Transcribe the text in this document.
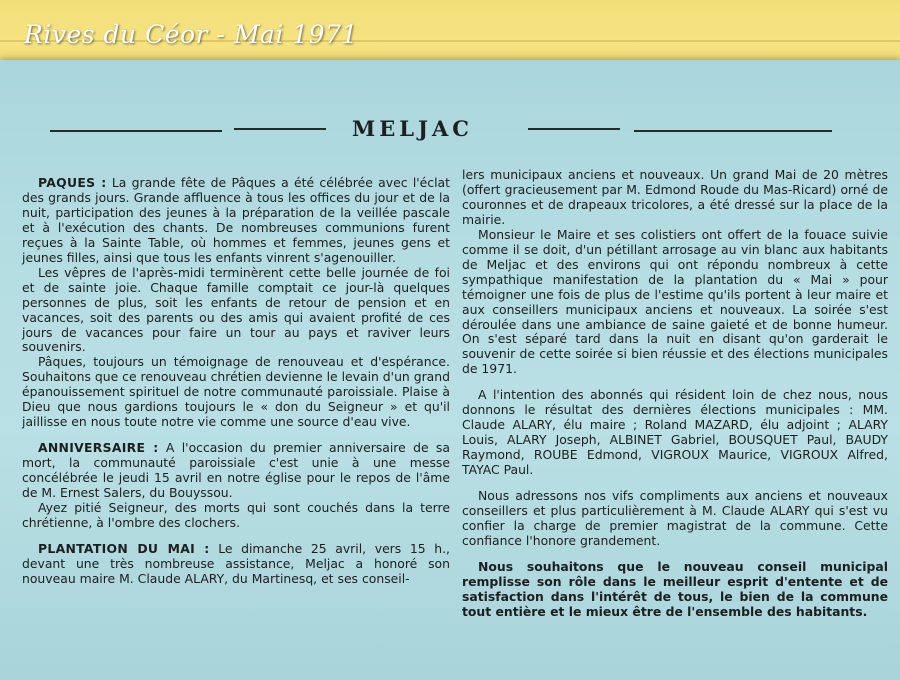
Rives du Céor - Mai 1971
MELJAC

PAQUES : La grande fête de Pâques a été célébrée avec l'éclat des grands jours. Grande affluence à tous les offices du jour et de la nuit, participation des jeunes à la préparation de la veillée pascale et à l'exécution des chants. De nombreuses communions furent reçues à la Sainte Table, où hommes et femmes, jeunes gens et jeunes filles, ainsi que tous les enfants vinrent s'agenouiller.

Les vêpres de l'après-midi terminèrent cette belle journée de foi et de sainte joie. Chaque famille comptait ce jour-là quelques personnes de plus, soit les enfants de retour de pension et en vacances, soit des parents ou des amis qui avaient profité de ces jours de vacances pour faire un tour au pays et raviver leurs souvenirs.

Pâques, toujours un témoignage de renouveau et d'espérance. Souhaitons que ce renouveau chrétien devienne le levain d'un grand épanouissement spirituel de notre communauté paroissiale. Plaise à Dieu que nous gardions toujours le « don du Seigneur » et qu'il jaillisse en nous toute notre vie comme une source d'eau vive.

ANNIVERSAIRE : A l'occasion du premier anniversaire de sa mort, la communauté paroissiale c'est unie à une messe concélébrée le jeudi 15 avril en notre église pour le repos de l'âme de M. Ernest Salers, du Bouyssou.

Ayez pitié Seigneur, des morts qui sont couchés dans la terre chrétienne, à l'ombre des clochers.

PLANTATION DU MAI : Le dimanche 25 avril, vers 15 h., devant une très nombreuse assistance, Meljac a honoré son nouveau maire M. Claude ALARY, du Martinesq, et ses conseil-

lers municipaux anciens et nouveaux. Un grand Mai de 20 mètres (offert gracieusement par M. Edmond Roude du Mas-Ricard) orné de couronnes et de drapeaux tricolores, a été dressé sur la place de la mairie.

Monsieur le Maire et ses colistiers ont offert de la fouace suivie comme il se doit, d'un pétillant arrosage au vin blanc aux habitants de Meljac et des environs qui ont répondu nombreux à cette sympathique manifestation de la plantation du « Mai » pour témoigner une fois de plus de l'estime qu'ils portent à leur maire et aux conseillers municipaux anciens et nouveaux. La soirée s'est déroulée dans une ambiance de saine gaieté et de bonne humeur. On s'est séparé tard dans la nuit en disant qu'on garderait le souvenir de cette soirée si bien réussie et des élections municipales de 1971.

A l'intention des abonnés qui résident loin de chez nous, nous donnons le résultat des dernières élections municipales : MM. Claude ALARY, élu maire ; Roland MAZARD, élu adjoint ; ALARY Louis, ALARY Joseph, ALBINET Gabriel, BOUSQUET Paul, BAUDY Raymond, ROUBE Edmond, VIGROUX Maurice, VIGROUX Alfred, TAYAC Paul.

Nous adressons nos vifs compliments aux anciens et nouveaux conseillers et plus particulièrement à M. Claude ALARY qui s'est vu confier la charge de premier magistrat de la commune. Cette confiance l'honore grandement.

Nous souhaitons que le nouveau conseil municipal remplisse son rôle dans le meilleur esprit d'entente et de satisfaction dans l'intérêt de tous, le bien de la commune tout entière et le mieux être de l'ensemble des habitants.
